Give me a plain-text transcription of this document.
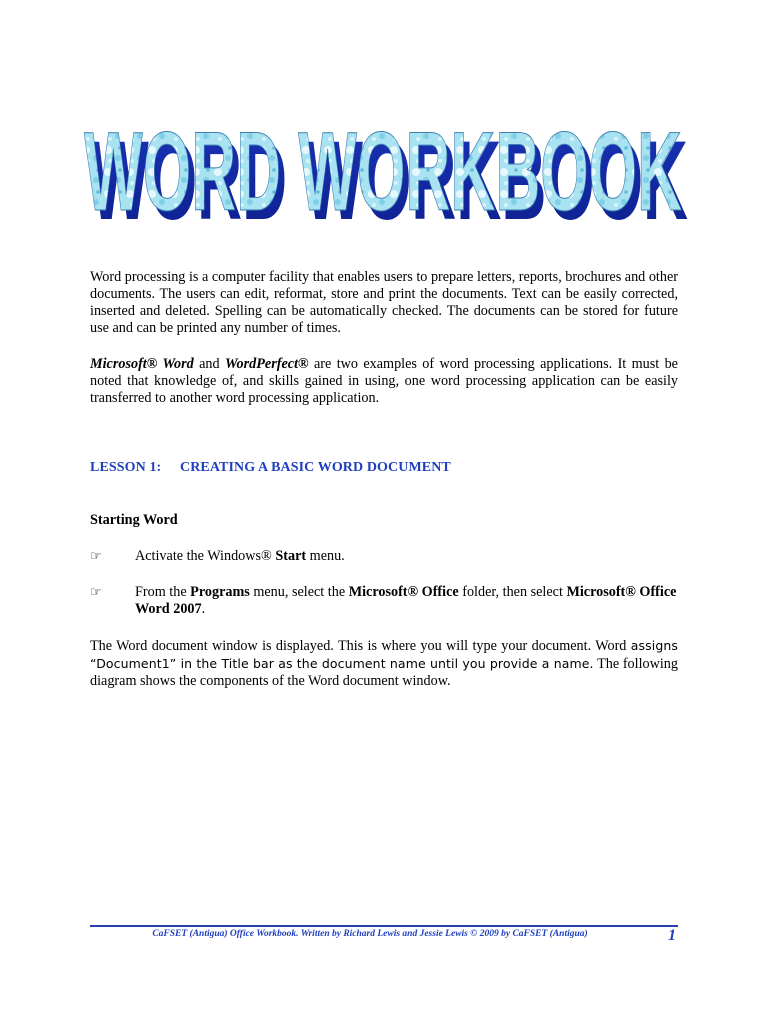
WORD WORKBOOK
WORD WORKBOOK

Word processing is a computer facility that enables users to prepare letters, reports, brochures and other documents. The users can edit, reformat, store and print the documents. Text can be easily corrected, inserted and deleted. Spelling can be automatically checked. The documents can be stored for future use and can be printed any number of times.

Microsoft® Word and WordPerfect® are two examples of word processing applications. It must be noted that knowledge of, and skills gained in using, one word processing application can be easily transferred to another word processing application.

LESSON 1: CREATING A BASIC WORD DOCUMENT

Starting Word

☞ Activate the Windows® Start menu.

☞ From the Programs menu, select the Microsoft® Office folder, then select Microsoft® Office Word 2007.

The Word document window is displayed. This is where you will type your document. Word assigns “Document1” in the Title bar as the document name until you provide a name. The following diagram shows the components of the Word document window.

CaFSET (Antigua) Office Workbook. Written by Richard Lewis and Jessie Lewis © 2009 by CaFSET (Antigua)	1
